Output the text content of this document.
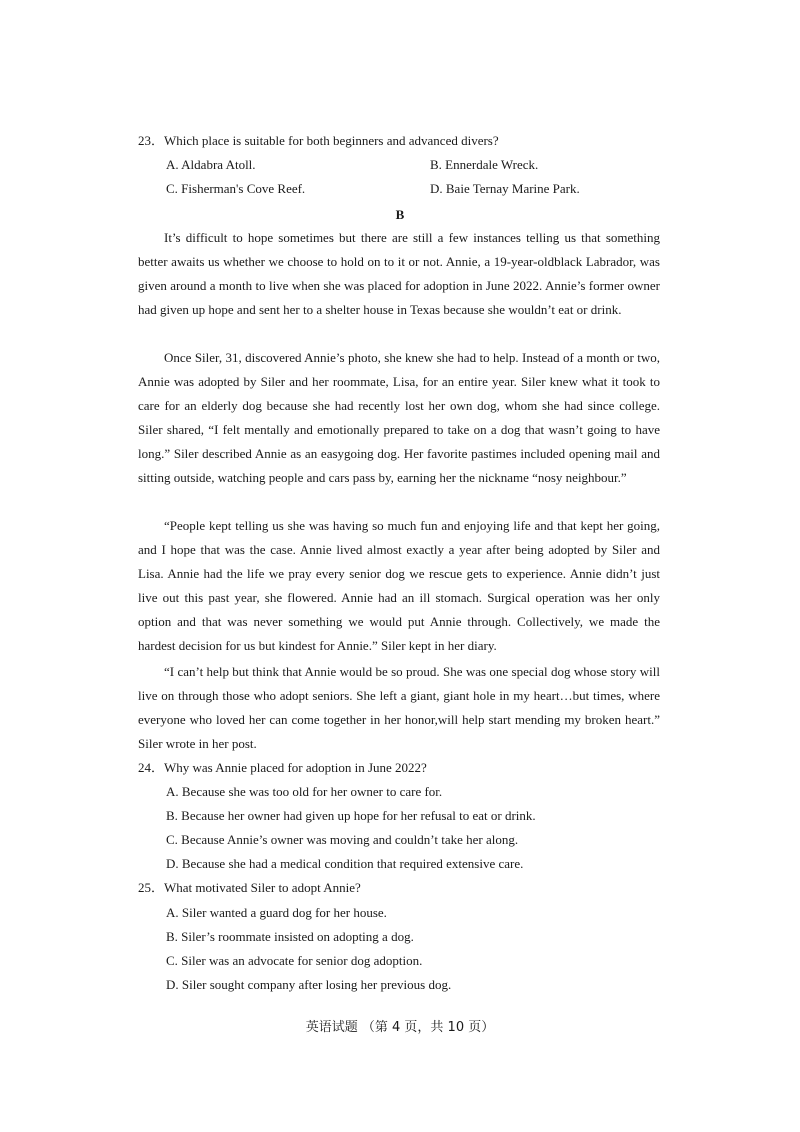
23．Which place is suitable for both beginners and advanced divers?
A. Aldabra Atoll.	B. Ennerdale Wreck.
C. Fisherman's Cove Reef.	D. Baie Ternay Marine Park.
B

It’s difficult to hope sometimes but there are still a few instances telling us that something better awaits us whether we choose to hold on to it or not. Annie, a 19-year-oldblack Labrador, was given around a month to live when she was placed for adoption in June 2022. Annie’s former owner had given up hope and sent her to a shelter house in Texas because she wouldn’t eat or drink.

Once Siler, 31, discovered Annie’s photo, she knew she had to help. Instead of a month or two, Annie was adopted by Siler and her roommate, Lisa, for an entire year. Siler knew what it took to care for an elderly dog because she had recently lost her own dog, whom she had since college. Siler shared, “I felt mentally and emotionally prepared to take on a dog that wasn’t going to have long.” Siler described Annie as an easygoing dog. Her favorite pastimes included opening mail and sitting outside, watching people and cars pass by, earning her the nickname “nosy neighbour.”

“People kept telling us she was having so much fun and enjoying life and that kept her going, and I hope that was the case. Annie lived almost exactly a year after being adopted by Siler and Lisa. Annie had the life we pray every senior dog we rescue gets to experience. Annie didn’t just live out this past year, she flowered. Annie had an ill stomach. Surgical operation was her only option and that was never something we would put Annie through. Collectively, we made the hardest decision for us but kindest for Annie.” Siler kept in her diary.

“I can’t help but think that Annie would be so proud. She was one special dog whose story will live on through those who adopt seniors. She left a giant, giant hole in my heart…but times, where everyone who loved her can come together in her honor,will help start mending my broken heart.” Siler wrote in her post.

24．Why was Annie placed for adoption in June 2022?
A. Because she was too old for her owner to care for.
B. Because her owner had given up hope for her refusal to eat or drink.
C. Because Annie’s owner was moving and couldn’t take her along.
D. Because she had a medical condition that required extensive care.
25．What motivated Siler to adopt Annie?
A. Siler wanted a guard dog for her house.
B. Siler’s roommate insisted on adopting a dog.
C. Siler was an advocate for senior dog adoption.
D. Siler sought company after losing her previous dog.
英语试题 （第 4 页，共 10 页）
